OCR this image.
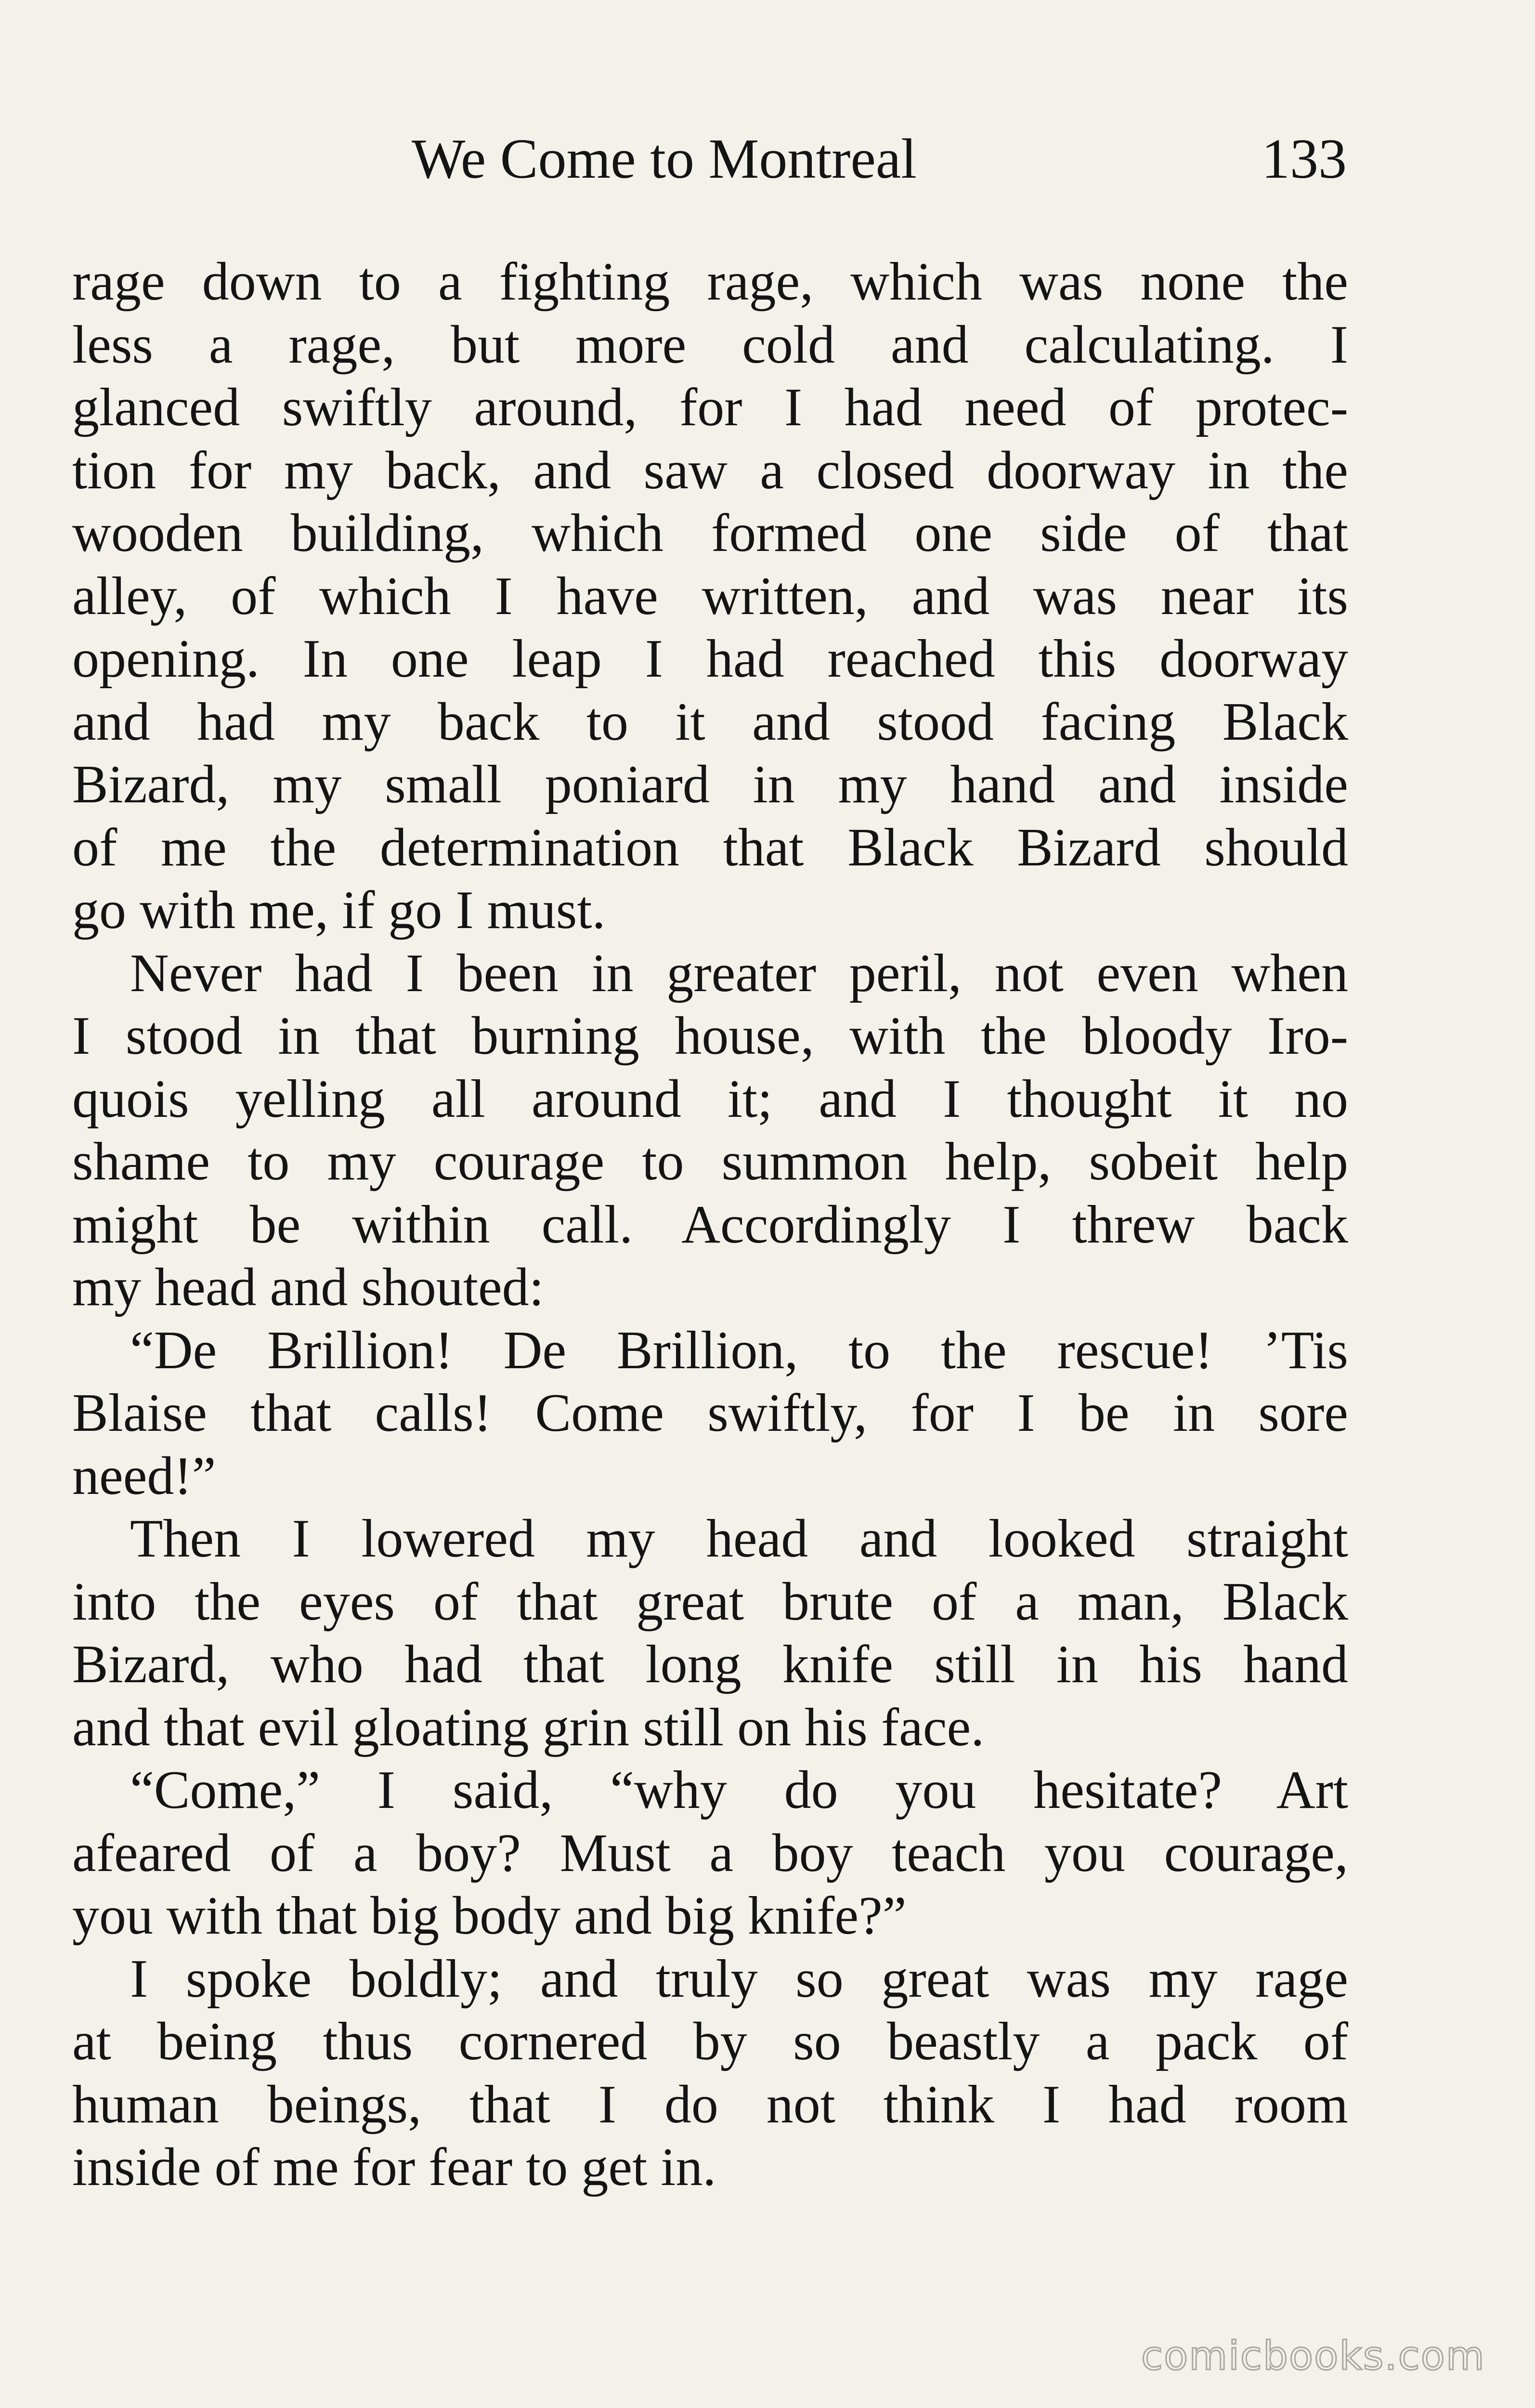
We Come to Montreal	133
rage down to a fighting rage, which was none the
less a rage, but more cold and calculating. I
glanced swiftly around, for I had need of protec-
tion for my back, and saw a closed doorway in the
wooden building, which formed one side of that
alley, of which I have written, and was near its
opening. In one leap I had reached this doorway
and had my back to it and stood facing Black
Bizard, my small poniard in my hand and inside
of me the determination that Black Bizard should
go with me, if go I must.
Never had I been in greater peril, not even when
I stood in that burning house, with the bloody Iro-
quois yelling all around it; and I thought it no
shame to my courage to summon help, sobeit help
might be within call. Accordingly I threw back
my head and shouted:
“De Brillion! De Brillion, to the rescue! ’Tis
Blaise that calls! Come swiftly, for I be in sore
need!”
Then I lowered my head and looked straight
into the eyes of that great brute of a man, Black
Bizard, who had that long knife still in his hand
and that evil gloating grin still on his face.
“Come,” I said, “why do you hesitate? Art
afeared of a boy? Must a boy teach you courage,
you with that big body and big knife?”
I spoke boldly; and truly so great was my rage
at being thus cornered by so beastly a pack of
human beings, that I do not think I had room
inside of me for fear to get in.
comicbooks.com
